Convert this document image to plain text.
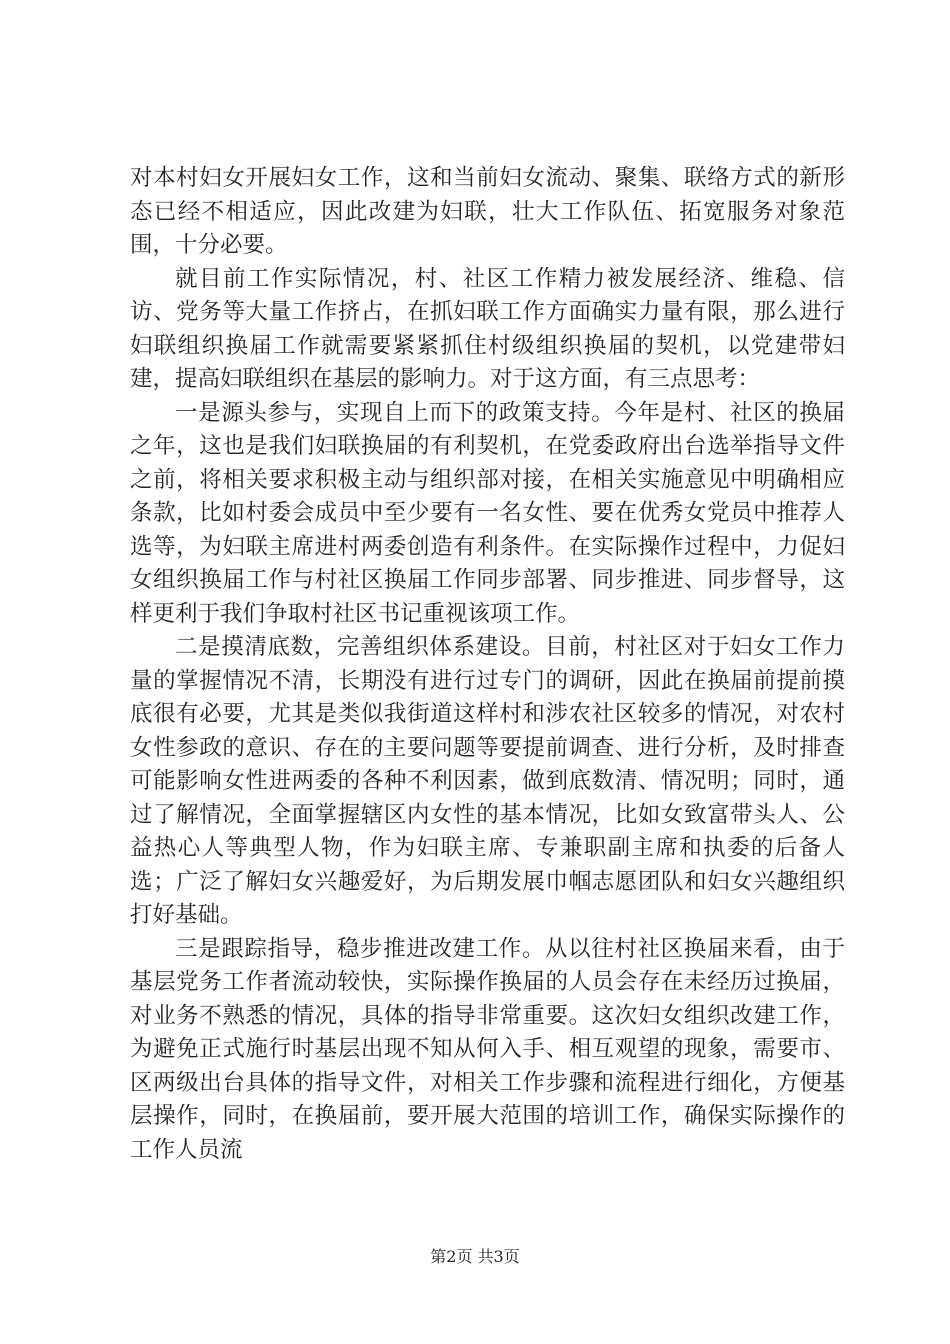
对本村妇女开展妇女工作，这和当前妇女流动、聚集、联络方式的新形态已经不相适应，因此改建为妇联，壮大工作队伍、拓宽服务对象范围，十分必要。

就目前工作实际情况，村、社区工作精力被发展经济、维稳、信访、党务等大量工作挤占，在抓妇联工作方面确实力量有限，那么进行妇联组织换届工作就需要紧紧抓住村级组织换届的契机，以党建带妇建，提高妇联组织在基层的影响力。对于这方面，有三点思考：

一是源头参与，实现自上而下的政策支持。今年是村、社区的换届之年，这也是我们妇联换届的有利契机，在党委政府出台选举指导文件之前，将相关要求积极主动与组织部对接，在相关实施意见中明确相应条款，比如村委会成员中至少要有一名女性、要在优秀女党员中推荐人选等，为妇联主席进村两委创造有利条件。在实际操作过程中，力促妇女组织换届工作与村社区换届工作同步部署、同步推进、同步督导，这样更利于我们争取村社区书记重视该项工作。

二是摸清底数，完善组织体系建设。目前，村社区对于妇女工作力量的掌握情况不清，长期没有进行过专门的调研，因此在换届前提前摸底很有必要，尤其是类似我街道这样村和涉农社区较多的情况，对农村女性参政的意识、存在的主要问题等要提前调查、进行分析，及时排查可能影响女性进两委的各种不利因素，做到底数清、情况明；同时，通过了解情况，全面掌握辖区内女性的基本情况，比如女致富带头人、公益热心人等典型人物，作为妇联主席、专兼职副主席和执委的后备人选；广泛了解妇女兴趣爱好，为后期发展巾帼志愿团队和妇女兴趣组织打好基础。

三是跟踪指导，稳步推进改建工作。从以往村社区换届来看，由于基层党务工作者流动较快，实际操作换届的人员会存在未经历过换届，对业务不熟悉的情况，具体的指导非常重要。这次妇女组织改建工作，为避免正式施行时基层出现不知从何入手、相互观望的现象，需要市、区两级出台具体的指导文件，对相关工作步骤和流程进行细化，方便基层操作，同时，在换届前，要开展大范围的培训工作，确保实际操作的工作人员流

第2页 共3页
